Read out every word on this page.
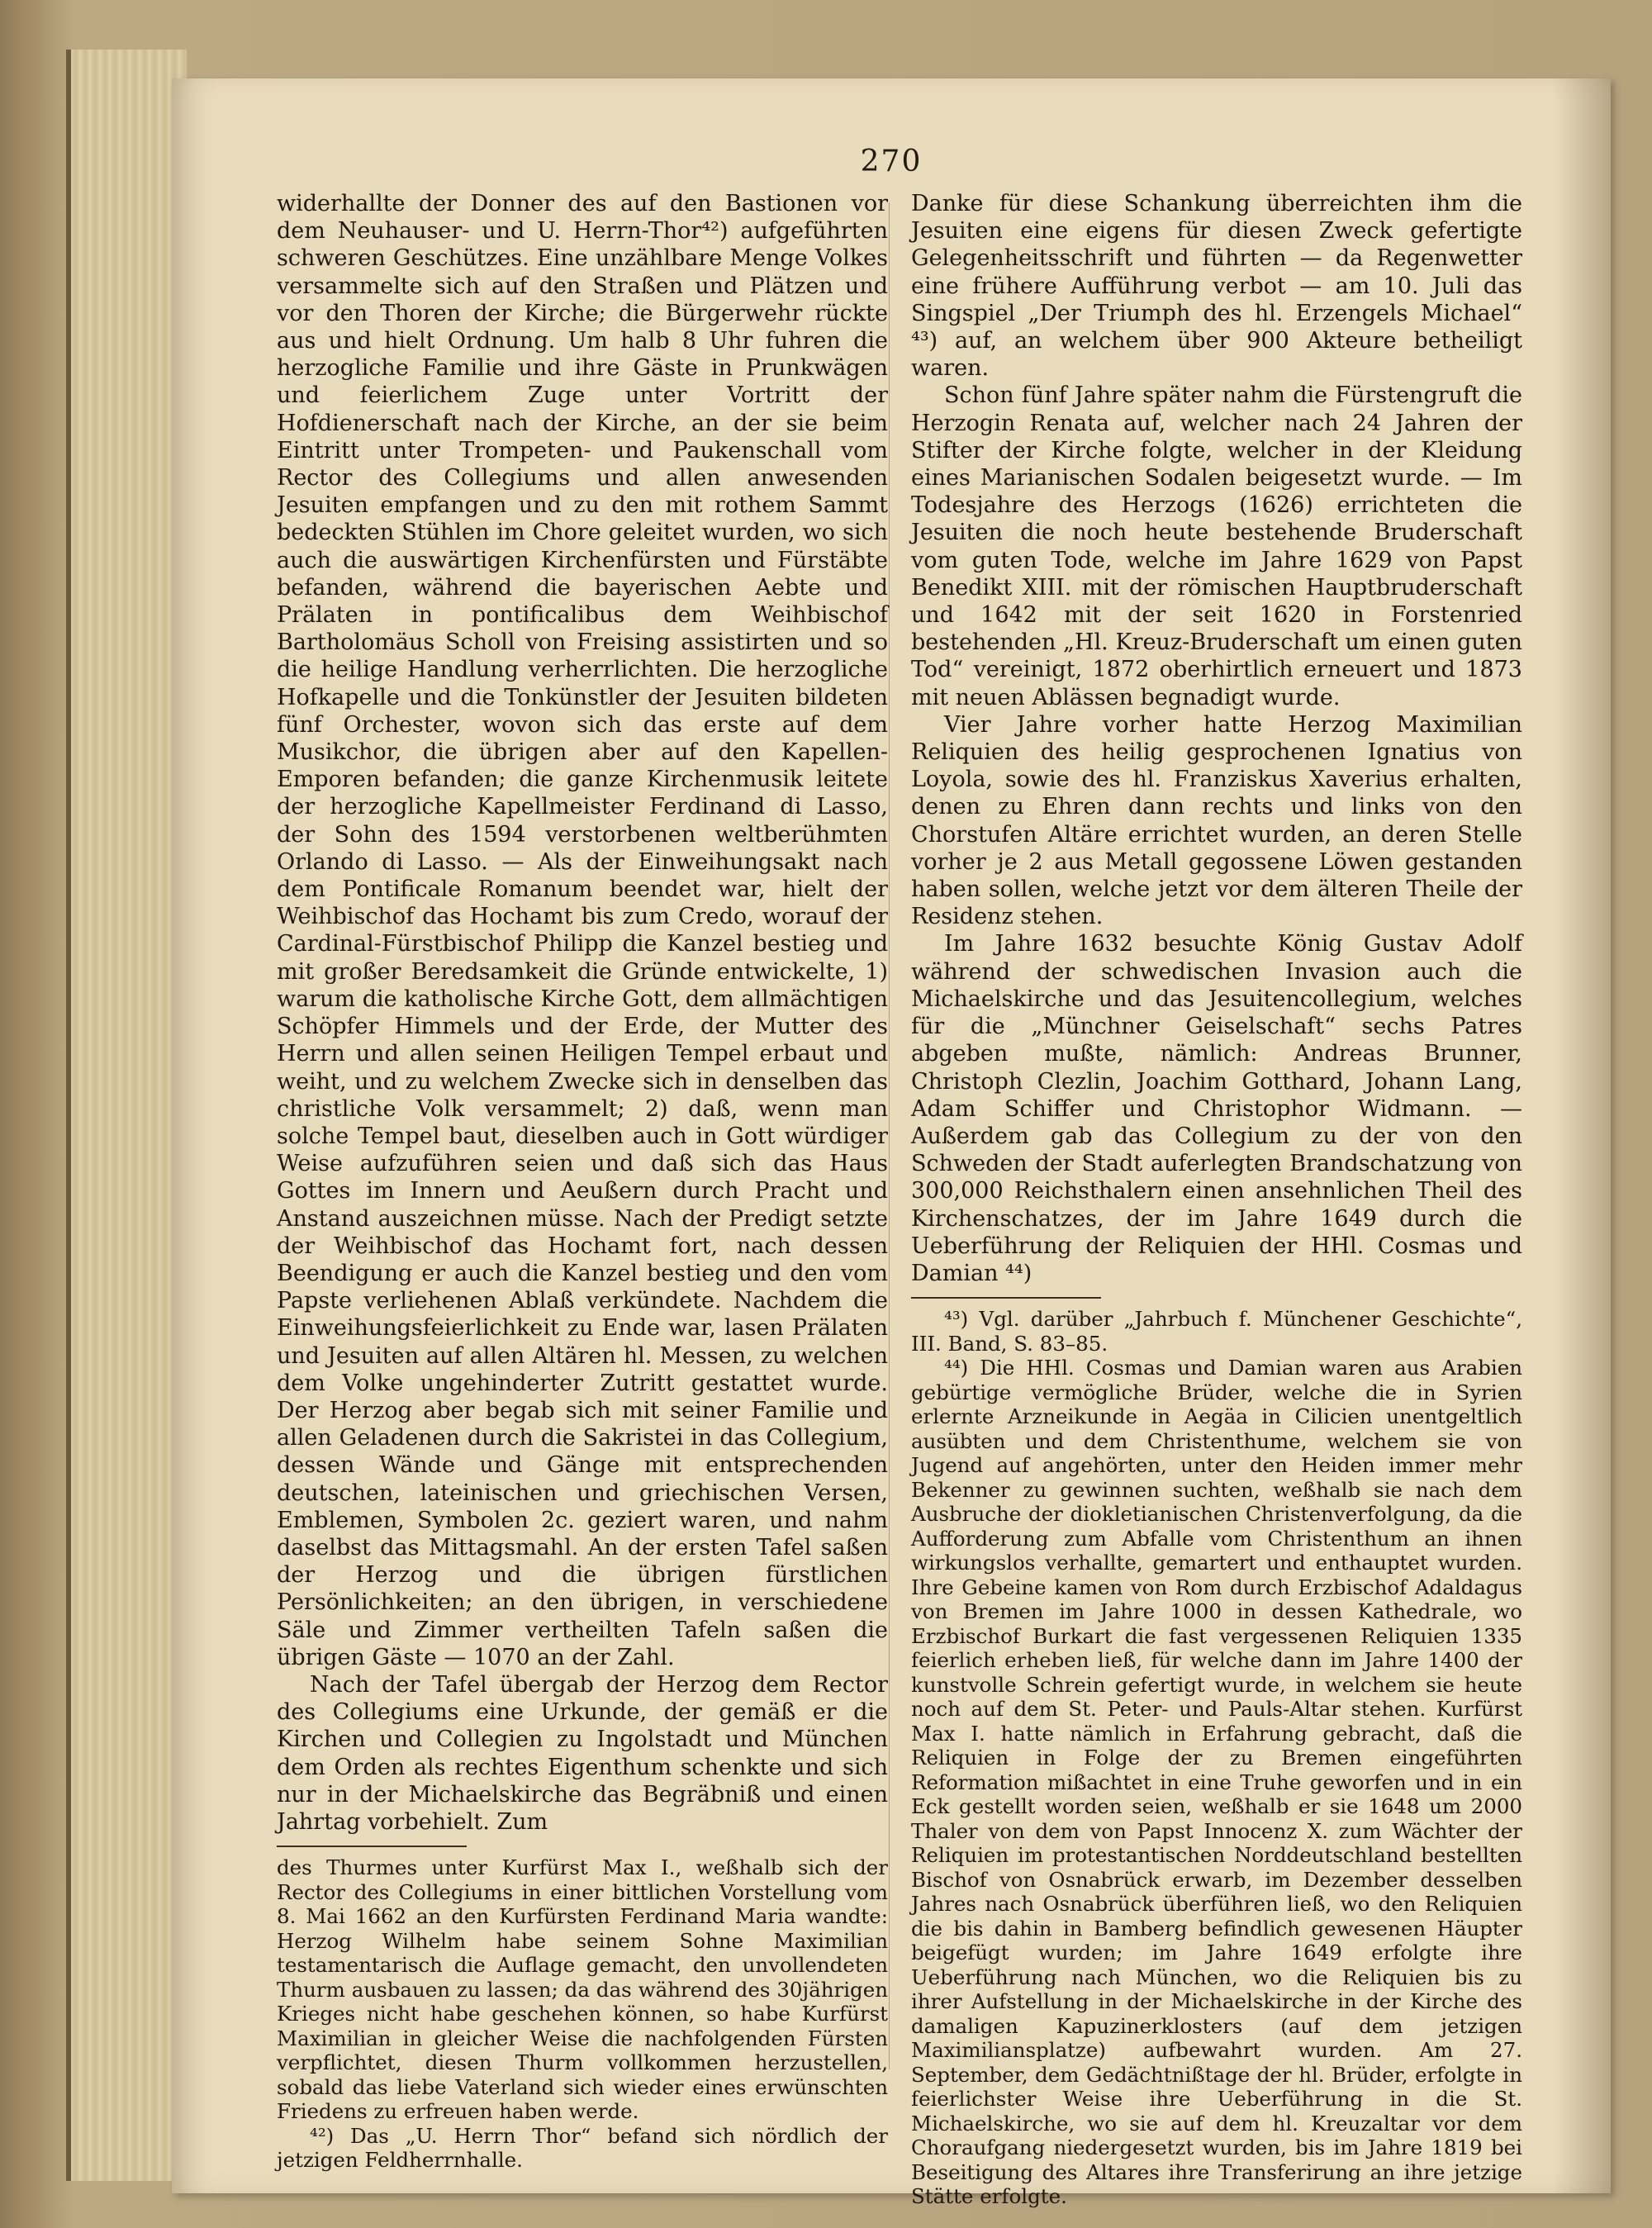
270

widerhallte der Donner des auf den Bastionen vor dem Neuhauser- und U. Herrn-Thor⁴²) aufgeführten schweren Geschützes. Eine unzählbare Menge Volkes versammelte sich auf den Straßen und Plätzen und vor den Thoren der Kirche; die Bürgerwehr rückte aus und hielt Ordnung. Um halb 8 Uhr fuhren die herzogliche Familie und ihre Gäste in Prunkwägen und feierlichem Zuge unter Vortritt der Hofdienerschaft nach der Kirche, an der sie beim Eintritt unter Trompeten- und Paukenschall vom Rector des Collegiums und allen anwesenden Jesuiten empfangen und zu den mit rothem Sammt bedeckten Stühlen im Chore geleitet wurden, wo sich auch die auswärtigen Kirchenfürsten und Fürstäbte befanden, während die bayerischen Aebte und Prälaten in pontificalibus dem Weihbischof Bartholomäus Scholl von Freising assistirten und so die heilige Handlung verherrlichten. Die herzogliche Hofkapelle und die Tonkünstler der Jesuiten bildeten fünf Orchester, wovon sich das erste auf dem Musikchor, die übrigen aber auf den Kapellen-Emporen befanden; die ganze Kirchenmusik leitete der herzogliche Kapellmeister Ferdinand di Lasso, der Sohn des 1594 verstorbenen weltberühmten Orlando di Lasso. — Als der Einweihungsakt nach dem Pontificale Romanum beendet war, hielt der Weihbischof das Hochamt bis zum Credo, worauf der Cardinal-Fürstbischof Philipp die Kanzel bestieg und mit großer Beredsamkeit die Gründe entwickelte, 1) warum die katholische Kirche Gott, dem allmächtigen Schöpfer Himmels und der Erde, der Mutter des Herrn und allen seinen Heiligen Tempel erbaut und weiht, und zu welchem Zwecke sich in denselben das christliche Volk versammelt; 2) daß, wenn man solche Tempel baut, dieselben auch in Gott würdiger Weise aufzuführen seien und daß sich das Haus Gottes im Innern und Aeußern durch Pracht und Anstand auszeichnen müsse. Nach der Predigt setzte der Weihbischof das Hochamt fort, nach dessen Beendigung er auch die Kanzel bestieg und den vom Papste verliehenen Ablaß verkündete. Nachdem die Einweihungsfeierlichkeit zu Ende war, lasen Prälaten und Jesuiten auf allen Altären hl. Messen, zu welchen dem Volke ungehinderter Zutritt gestattet wurde. Der Herzog aber begab sich mit seiner Familie und allen Geladenen durch die Sakristei in das Collegium, dessen Wände und Gänge mit entsprechenden deutschen, lateinischen und griechischen Versen, Emblemen, Symbolen 2c. geziert waren, und nahm daselbst das Mittagsmahl. An der ersten Tafel saßen der Herzog und die übrigen fürstlichen Persönlichkeiten; an den übrigen, in verschiedene Säle und Zimmer vertheilten Tafeln saßen die übrigen Gäste — 1070 an der Zahl.

Nach der Tafel übergab der Herzog dem Rector des Collegiums eine Urkunde, der gemäß er die Kirchen und Collegien zu Ingolstadt und München dem Orden als rechtes Eigenthum schenkte und sich nur in der Michaelskirche das Begräbniß und einen Jahrtag vorbehielt. Zum

des Thurmes unter Kurfürst Max I., weßhalb sich der Rector des Collegiums in einer bittlichen Vorstellung vom 8. Mai 1662 an den Kurfürsten Ferdinand Maria wandte: Herzog Wilhelm habe seinem Sohne Maximilian testamentarisch die Auflage gemacht, den unvollendeten Thurm ausbauen zu lassen; da das während des 30jährigen Krieges nicht habe geschehen können, so habe Kurfürst Maximilian in gleicher Weise die nachfolgenden Fürsten verpflichtet, diesen Thurm vollkommen herzustellen, sobald das liebe Vaterland sich wieder eines erwünschten Friedens zu erfreuen haben werde.

⁴²) Das „U. Herrn Thor“ befand sich nördlich der jetzigen Feldherrnhalle.

Danke für diese Schankung überreichten ihm die Jesuiten eine eigens für diesen Zweck gefertigte Gelegenheitsschrift und führten — da Regenwetter eine frühere Aufführung verbot — am 10. Juli das Singspiel „Der Triumph des hl. Erzengels Michael“ ⁴³) auf, an welchem über 900 Akteure betheiligt waren.

Schon fünf Jahre später nahm die Fürstengruft die Herzogin Renata auf, welcher nach 24 Jahren der Stifter der Kirche folgte, welcher in der Kleidung eines Marianischen Sodalen beigesetzt wurde. — Im Todesjahre des Herzogs (1626) errichteten die Jesuiten die noch heute bestehende Bruderschaft vom guten Tode, welche im Jahre 1629 von Papst Benedikt XIII. mit der römischen Hauptbruderschaft und 1642 mit der seit 1620 in Forstenried bestehenden „Hl. Kreuz-Bruderschaft um einen guten Tod“ vereinigt, 1872 oberhirtlich erneuert und 1873 mit neuen Ablässen begnadigt wurde.

Vier Jahre vorher hatte Herzog Maximilian Reliquien des heilig gesprochenen Ignatius von Loyola, sowie des hl. Franziskus Xaverius erhalten, denen zu Ehren dann rechts und links von den Chorstufen Altäre errichtet wurden, an deren Stelle vorher je 2 aus Metall gegossene Löwen gestanden haben sollen, welche jetzt vor dem älteren Theile der Residenz stehen.

Im Jahre 1632 besuchte König Gustav Adolf während der schwedischen Invasion auch die Michaelskirche und das Jesuitencollegium, welches für die „Münchner Geiselschaft“ sechs Patres abgeben mußte, nämlich: Andreas Brunner, Christoph Clezlin, Joachim Gotthard, Johann Lang, Adam Schiffer und Christophor Widmann. — Außerdem gab das Collegium zu der von den Schweden der Stadt auferlegten Brandschatzung von 300,000 Reichsthalern einen ansehnlichen Theil des Kirchenschatzes, der im Jahre 1649 durch die Ueberführung der Reliquien der HHl. Cosmas und Damian ⁴⁴)

⁴³) Vgl. darüber „Jahrbuch f. Münchener Geschichte“, III. Band, S. 83–85.

⁴⁴) Die HHl. Cosmas und Damian waren aus Arabien gebürtige vermögliche Brüder, welche die in Syrien erlernte Arzneikunde in Aegäa in Cilicien unentgeltlich ausübten und dem Christenthume, welchem sie von Jugend auf angehörten, unter den Heiden immer mehr Bekenner zu gewinnen suchten, weßhalb sie nach dem Ausbruche der diokletianischen Christenverfolgung, da die Aufforderung zum Abfalle vom Christenthum an ihnen wirkungslos verhallte, gemartert und enthauptet wurden. Ihre Gebeine kamen von Rom durch Erzbischof Adaldagus von Bremen im Jahre 1000 in dessen Kathedrale, wo Erzbischof Burkart die fast vergessenen Reliquien 1335 feierlich erheben ließ, für welche dann im Jahre 1400 der kunstvolle Schrein gefertigt wurde, in welchem sie heute noch auf dem St. Peter- und Pauls-Altar stehen. Kurfürst Max I. hatte nämlich in Erfahrung gebracht, daß die Reliquien in Folge der zu Bremen eingeführten Reformation mißachtet in eine Truhe geworfen und in ein Eck gestellt worden seien, weßhalb er sie 1648 um 2000 Thaler von dem von Papst Innocenz X. zum Wächter der Reliquien im protestantischen Norddeutschland bestellten Bischof von Osnabrück erwarb, im Dezember desselben Jahres nach Osnabrück überführen ließ, wo den Reliquien die bis dahin in Bamberg befindlich gewesenen Häupter beigefügt wurden; im Jahre 1649 erfolgte ihre Ueberführung nach München, wo die Reliquien bis zu ihrer Aufstellung in der Michaelskirche in der Kirche des damaligen Kapuzinerklosters (auf dem jetzigen Maximiliansplatze) aufbewahrt wurden. Am 27. September, dem Gedächtnißtage der hl. Brüder, erfolgte in feierlichster Weise ihre Ueberführung in die St. Michaelskirche, wo sie auf dem hl. Kreuzaltar vor dem Choraufgang niedergesetzt wurden, bis im Jahre 1819 bei Beseitigung des Altares ihre Transferirung an ihre jetzige Stätte erfolgte.
